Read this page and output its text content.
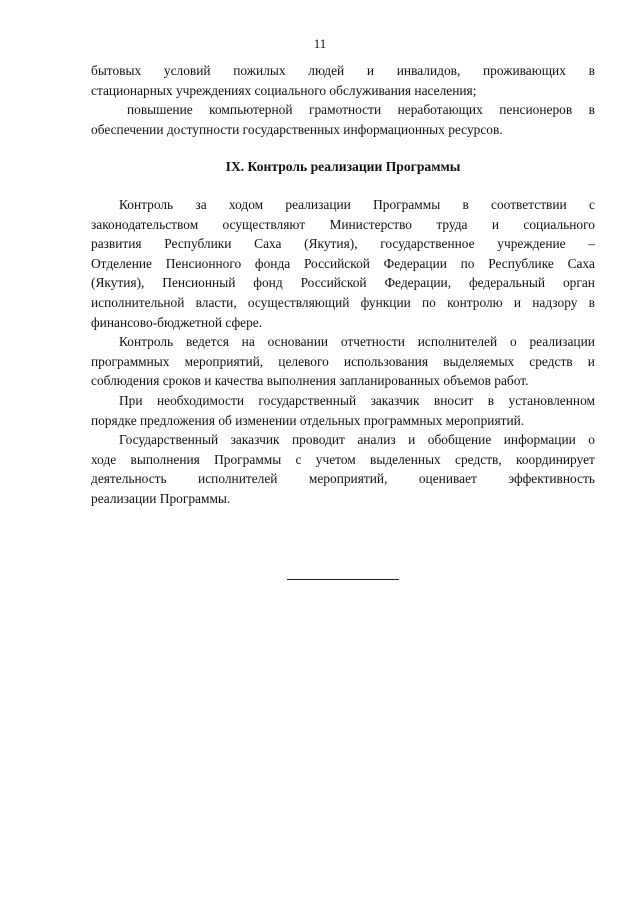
11
бытовых условий пожилых людей и инвалидов, проживающих в
стационарных учреждениях социального обслуживания населения;
повышение компьютерной грамотности неработающих пенсионеров в
обеспечении доступности государственных информационных ресурсов.
IX. Контроль реализации Программы
Контроль за ходом реализации Программы в соответствии с
законодательством осуществляют Министерство труда и социального
развития Республики Саха (Якутия), государственное учреждение –
Отделение Пенсионного фонда Российской Федерации по Республике Саха
(Якутия), Пенсионный фонд Российской Федерации, федеральный орган
исполнительной власти, осуществляющий функции по контролю и надзору в
финансово-бюджетной сфере.
Контроль ведется на основании отчетности исполнителей о реализации
программных мероприятий, целевого использования выделяемых средств и
соблюдения сроков и качества выполнения запланированных объемов работ.
При необходимости государственный заказчик вносит в установленном
порядке предложения об изменении отдельных программных мероприятий.
Государственный заказчик проводит анализ и обобщение информации о
ходе выполнения Программы с учетом выделенных средств, координирует
деятельность исполнителей мероприятий, оценивает эффективность
реализации Программы.
